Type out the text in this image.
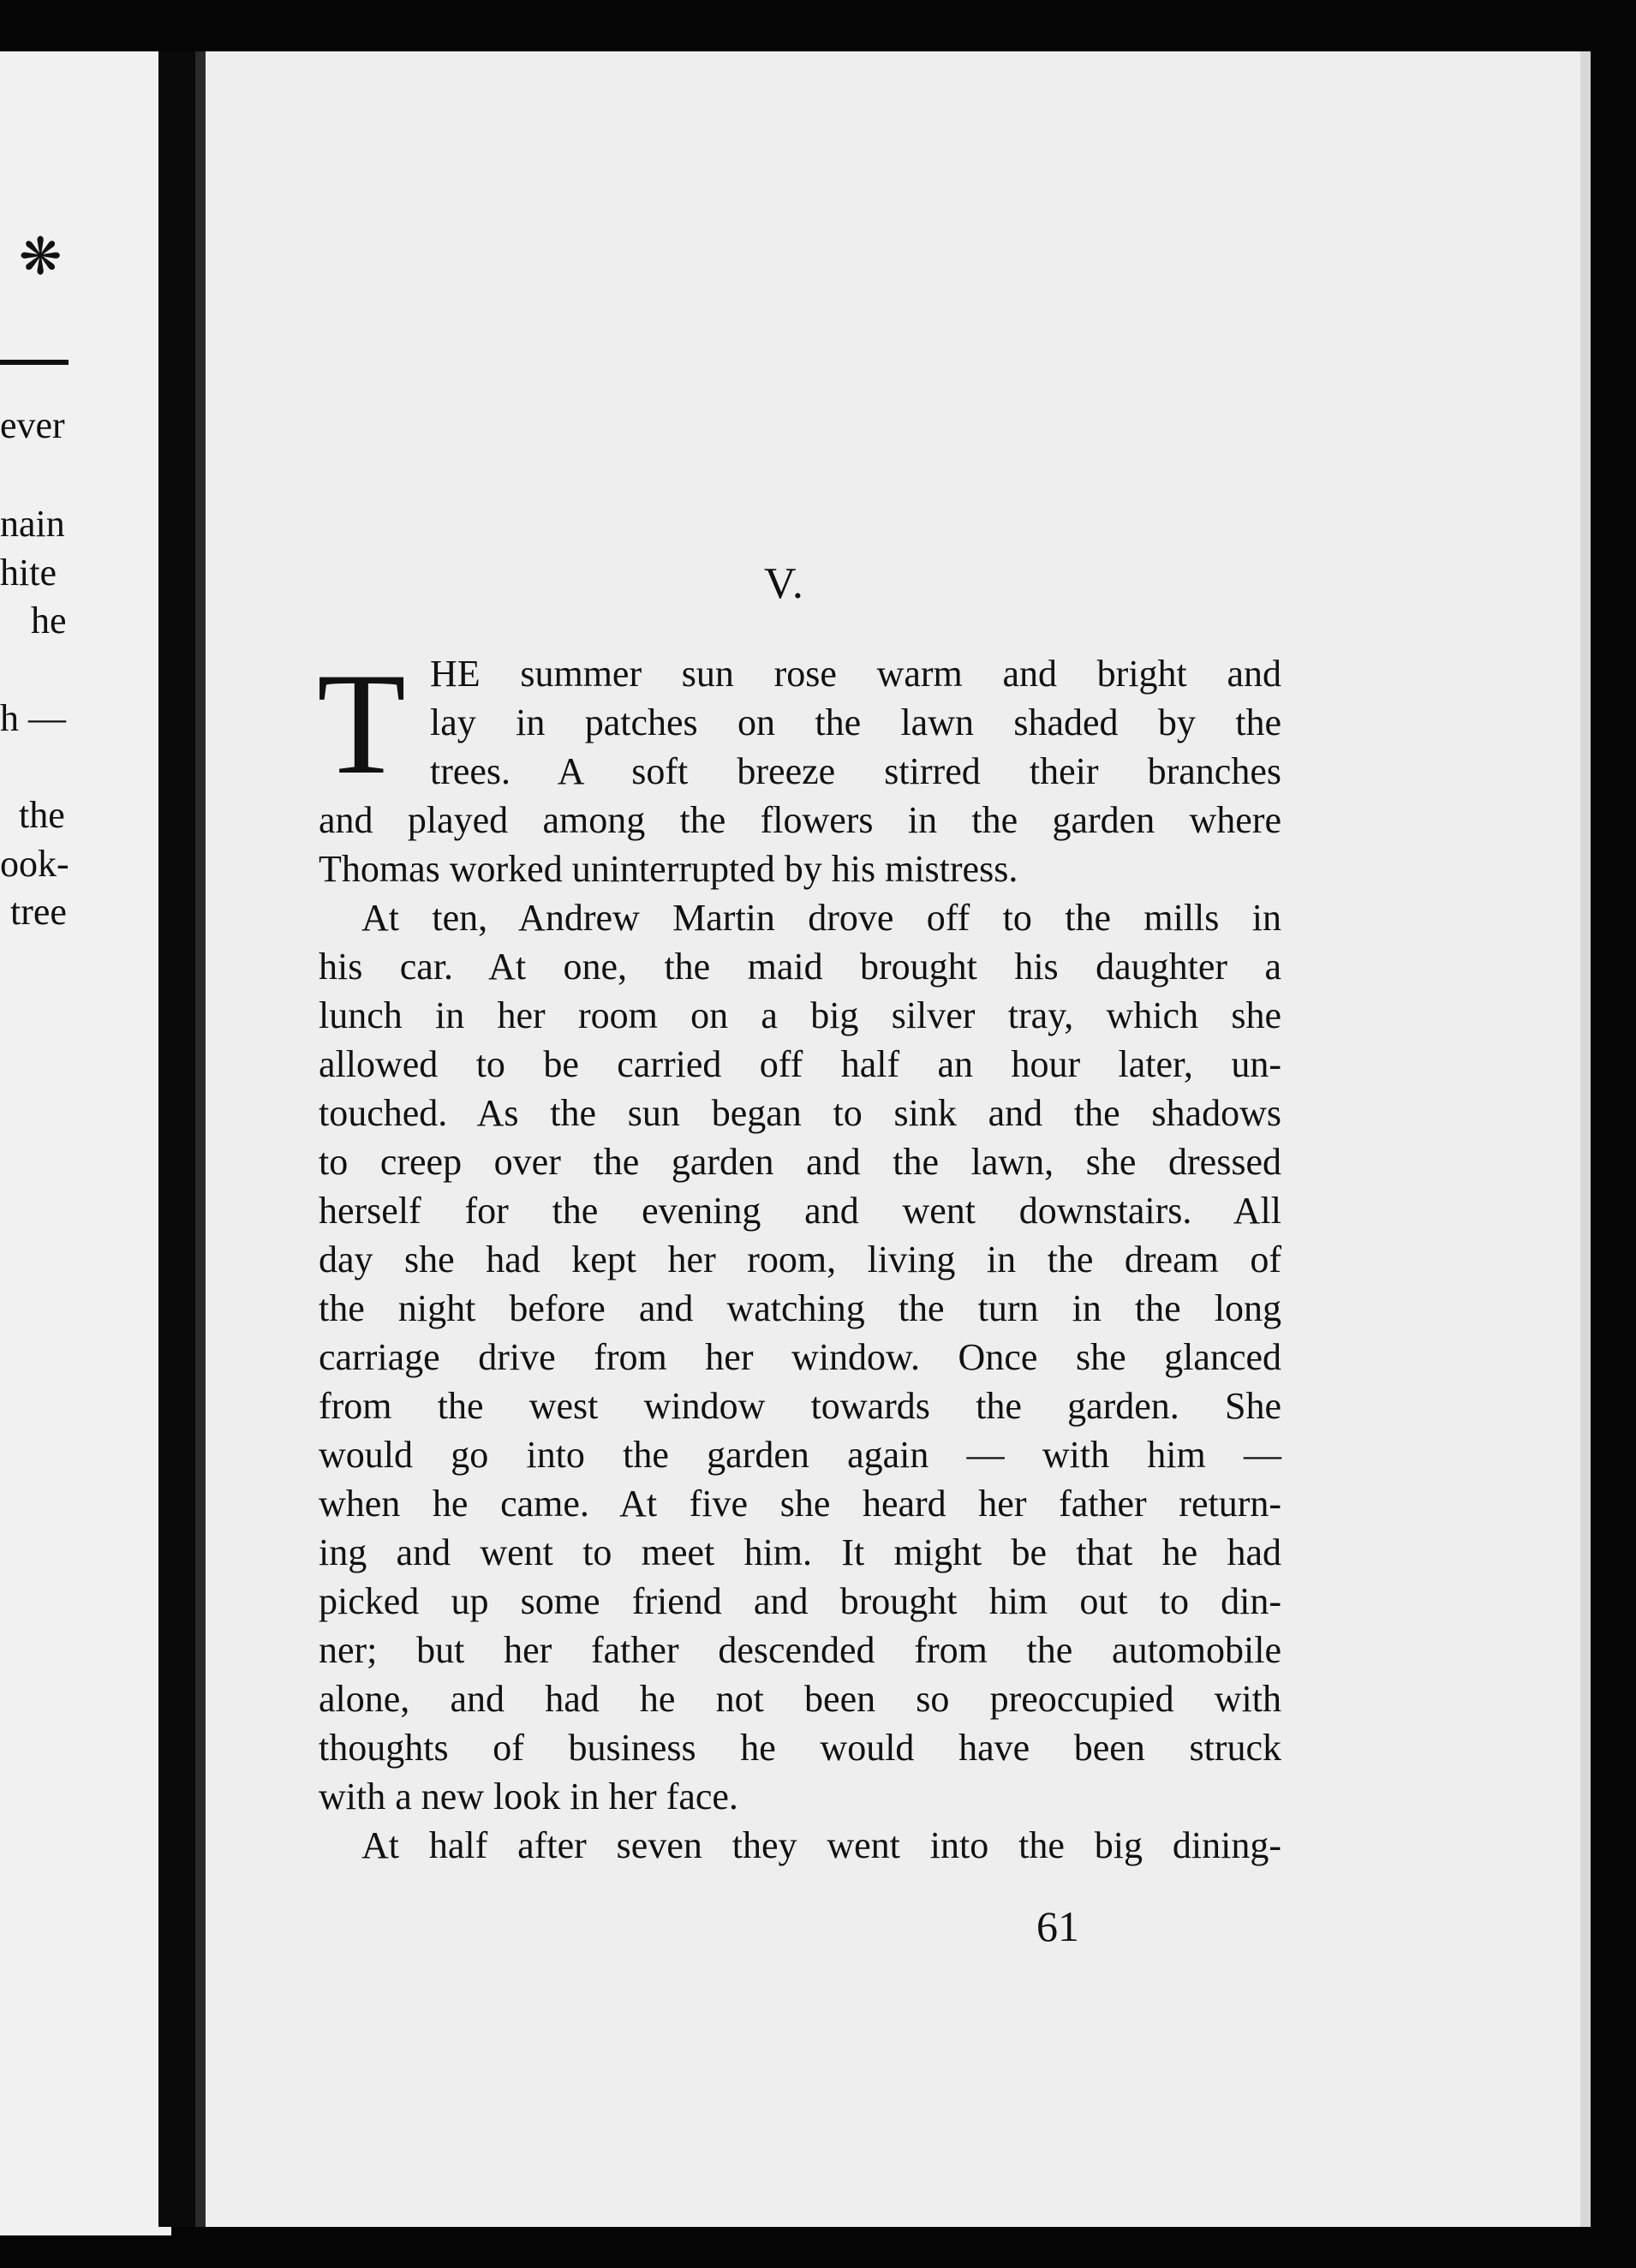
❋
ever
nain
hite
he
h —
the
ook-
tree
V.
T HE summer sun rose warm and bright and
lay in patches on the lawn shaded by the
trees. A soft breeze stirred their branches
and played among the flowers in the garden where
Thomas worked uninterrupted by his mistress.
At ten, Andrew Martin drove off to the mills in
his car. At one, the maid brought his daughter a
lunch in her room on a big silver tray, which she
allowed to be carried off half an hour later, un-
touched. As the sun began to sink and the shadows
to creep over the garden and the lawn, she dressed
herself for the evening and went downstairs. All
day she had kept her room, living in the dream of
the night before and watching the turn in the long
carriage drive from her window. Once she glanced
from the west window towards the garden. She
would go into the garden again — with him —
when he came. At five she heard her father return-
ing and went to meet him. It might be that he had
picked up some friend and brought him out to din-
ner; but her father descended from the automobile
alone, and had he not been so preoccupied with
thoughts of business he would have been struck
with a new look in her face.
At half after seven they went into the big dining-
61
